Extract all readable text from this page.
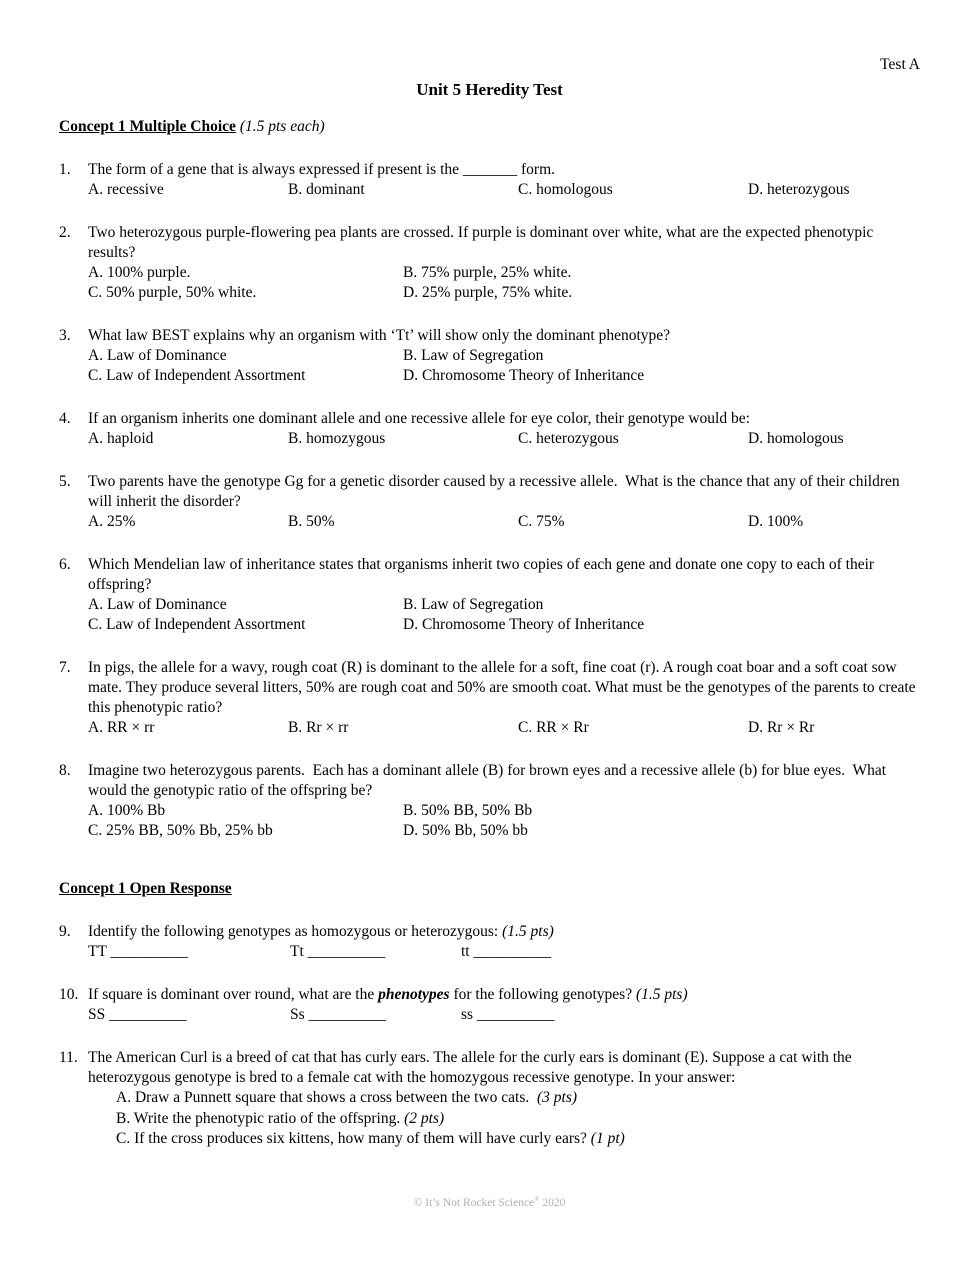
Test A
Unit 5 Heredity Test
Concept 1 Multiple Choice (1.5 pts each)
1.	The form of a gene that is always expressed if present is the _______ form.
A. recessive	B. dominant	C. homologous	D. heterozygous
2.	Two heterozygous purple-flowering pea plants are crossed. If purple is dominant over white, what are the expected phenotypic results?
A. 100% purple.	B. 75% purple, 25% white.
C. 50% purple, 50% white.	D. 25% purple, 75% white.
3.	What law BEST explains why an organism with ‘Tt’ will show only the dominant phenotype?
A. Law of Dominance	B. Law of Segregation
C. Law of Independent Assortment	D. Chromosome Theory of Inheritance
4.	If an organism inherits one dominant allele and one recessive allele for eye color, their genotype would be:
A. haploid	B. homozygous	C. heterozygous	D. homologous
5.	Two parents have the genotype Gg for a genetic disorder caused by a recessive allele.  What is the chance that any of their children will inherit the disorder?
A. 25%	B. 50%	C. 75%	D. 100%
6.	Which Mendelian law of inheritance states that organisms inherit two copies of each gene and donate one copy to each of their offspring?
A. Law of Dominance	B. Law of Segregation
C. Law of Independent Assortment	D. Chromosome Theory of Inheritance
7.	In pigs, the allele for a wavy, rough coat (R) is dominant to the allele for a soft, fine coat (r). A rough coat boar and a soft coat sow mate. They produce several litters, 50% are rough coat and 50% are smooth coat. What must be the genotypes of the parents to create this phenotypic ratio?
A. RR × rr	B. Rr × rr	C. RR × Rr	D. Rr × Rr
8.	Imagine two heterozygous parents.  Each has a dominant allele (B) for brown eyes and a recessive allele (b) for blue eyes.  What would the genotypic ratio of the offspring be?
A. 100% Bb	B. 50% BB, 50% Bb
C. 25% BB, 50% Bb, 25% bb	D. 50% Bb, 50% bb
Concept 1 Open Response
9.	Identify the following genotypes as homozygous or heterozygous: (1.5 pts)
TT __________	Tt __________	tt __________
10. If square is dominant over round, what are the phenotypes for the following genotypes? (1.5 pts)
SS __________	Ss __________	ss __________
11. The American Curl is a breed of cat that has curly ears. The allele for the curly ears is dominant (E). Suppose a cat with the heterozygous genotype is bred to a female cat with the homozygous recessive genotype. In your answer:
A. Draw a Punnett square that shows a cross between the two cats.  (3 pts)
B. Write the phenotypic ratio of the offspring. (2 pts)
C. If the cross produces six kittens, how many of them will have curly ears? (1 pt)
© It’s Not Rocket Science® 2020
